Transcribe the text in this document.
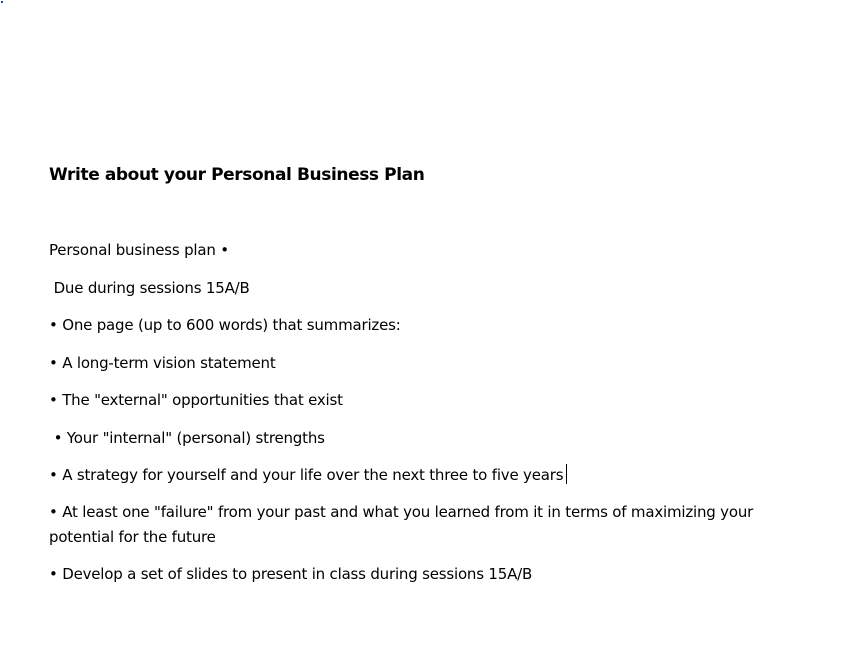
Write about your Personal Business Plan

Personal business plan •

Due during sessions 15A/B

• One page (up to 600 words) that summarizes:

• A long-term vision statement

• The "external" opportunities that exist

• Your "internal" (personal) strengths

• A strategy for yourself and your life over the next three to five years

• At least one "failure" from your past and what you learned from it in terms of maximizing your potential for the future

• Develop a set of slides to present in class during sessions 15A/B
